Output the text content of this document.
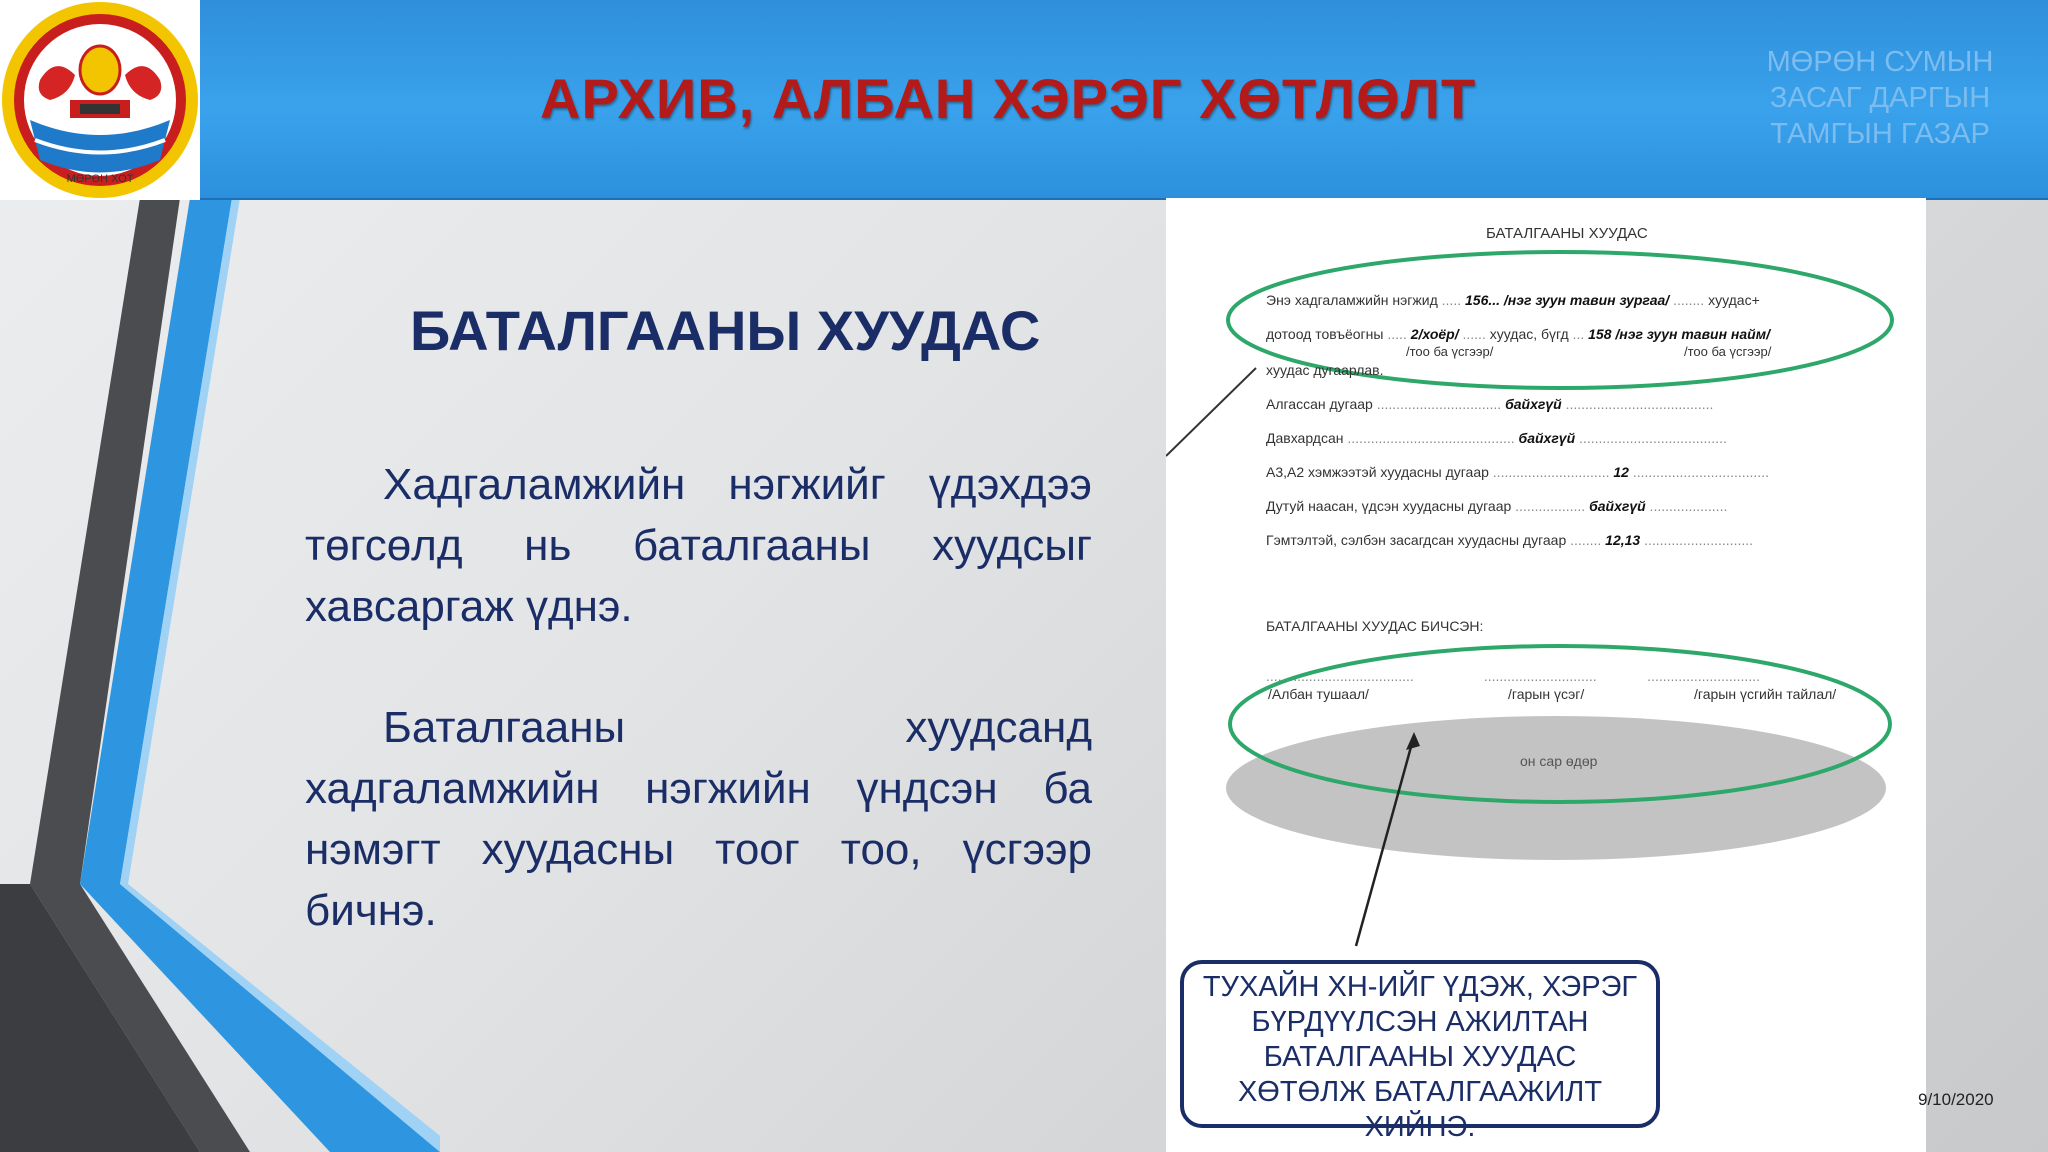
АРХИВ, АЛБАН ХЭРЭГ ХӨТЛӨЛТ
МӨРӨН СУМЫН
ЗАСАГ ДАРГЫН
ТАМГЫН ГАЗАР
МӨРӨН ХОТ
БАТАЛГААНЫ ХУУДАС
Хадгаламжийн нэгжийг үдэхдээ төгсөлд нь баталгааны хуудсыг хавсаргаж үднэ.
Баталгааны хуудсанд хадгаламжийн нэгжийн үндсэн ба нэмэгт хуудасны тоог тоо, үсгээр бичнэ.
БАТАЛГААНЫ ХУУДАС
Энэ хадгаламжийн нэгжид ..... 156... /нэг зуун тавин зургаа/ ........ хуудас+
дотоод товъёогны ..... 2/хоёр/ ...... хуудас, бүгд ... 158 /нэг зуун тавин найм/
/тоо ба үсгээр/	/тоо ба үсгээр/
хуудас дугаарлав.
Алгассан дугаар ................................ байхгүй ......................................
Давхардсан ........................................... байхгүй ......................................
А3,А2 хэмжээтэй хуудасны дугаар .............................. 12 ...................................
Дутуй наасан, үдсэн хуудасны дугаар .................. байхгүй ....................
Гэмтэлтэй, сэлбэн засагдсан хуудасны дугаар ........ 12,13 ............................
БАТАЛГААНЫ ХУУДАС БИЧСЭН:
......................................                  .............................             .............................
/Албан тушаал/	/гарын үсэг/	/гарын үсгийн тайлал/
он сар өдөр
ТУХАЙН ХН-ИЙГ ҮДЭЖ, ХЭРЭГ
БҮРДҮҮЛСЭН АЖИЛТАН
БАТАЛГААНЫ ХУУДАС
ХӨТӨЛЖ БАТАЛГААЖИЛТ
ХИЙНЭ.
9/10/2020
